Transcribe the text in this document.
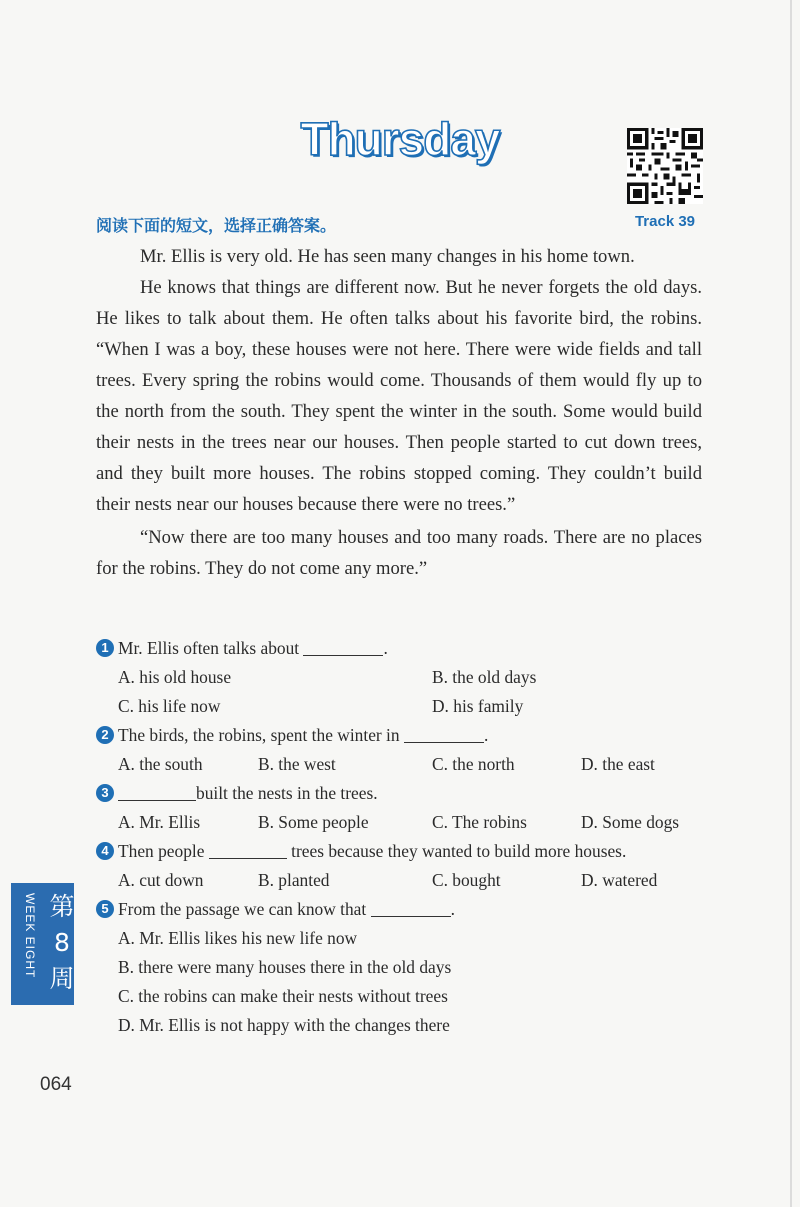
Thursday
Track 39
阅读下面的短文，选择正确答案。

Mr. Ellis is very old. He has seen many changes in his home town.

He knows that things are different now. But he never forgets the old days. He likes to talk about them. He often talks about his favorite bird, the robins. “When I was a boy, these houses were not here. There were wide fields and tall trees. Every spring the robins would come. Thousands of them would fly up to the north from the south. They spent the winter in the south. Some would build their nests in the trees near our houses. Then people started to cut down trees, and they built more houses. The robins stopped coming. They couldn’t build their nests near our houses because there were no trees.”

“Now there are too many houses and too many roads. There are no places for the robins. They do not come any more.”

1 Mr. Ellis often talks about	.
A. his old house	B. the old days
C. his life now	D. his family
2 The birds, the robins, spent the winter in	.
A. the south	B. the west	C. the north	D. the east
3	built the nests in the trees.
A. Mr. Ellis	B. Some people	C. The robins	D. Some dogs
4 Then people	trees because they wanted to build more houses.
A. cut down	B. planted	C. bought	D. watered
5 From the passage we can know that	.
A. Mr. Ellis likes his new life now
B. there were many houses there in the old days
C. the robins can make their nests without trees
D. Mr. Ellis is not happy with the changes there
WEEK EIGHT 第8周
064
